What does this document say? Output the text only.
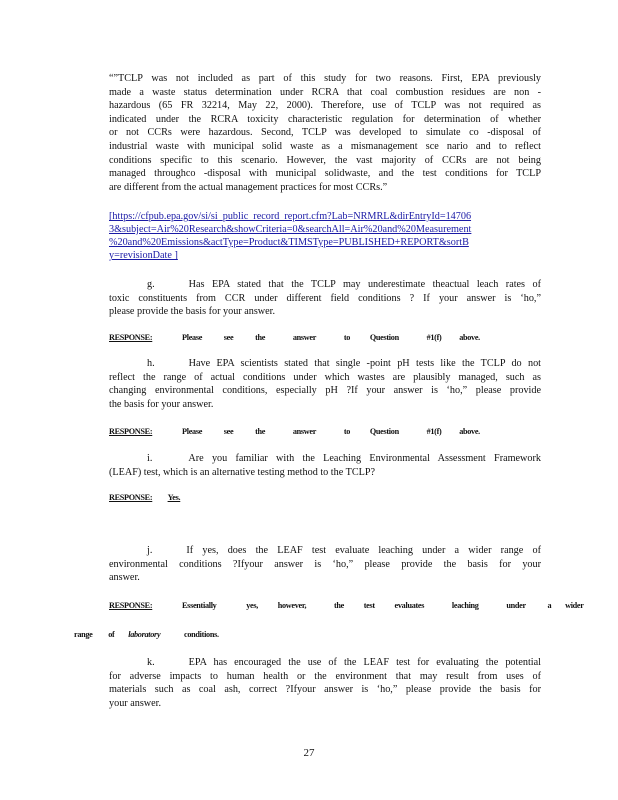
“”TCLP was not included as part of this study for two reasons. First, EPA previously
made a waste status determination under RCRA that coal combustion residues are non -
hazardous (65 FR 32214, May 22, 2000). Therefore, use of TCLP was not required as
indicated under the RCRA toxicity characteristic regulation for determination of whether
or not CCRs were hazardous. Second, TCLP was developed to simulate co -disposal of
industrial waste with municipal solid waste as a mismanagement sce nario and to reflect
conditions specific to this scenario. However, the vast majority of CCRs are not being
managed throughco -disposal with municipal solidwaste, and the test conditions for TCLP
are different from the actual management practices for most CCRs.”
[https://cfpub.epa.gov/si/si_public_record_report.cfm?Lab=NRMRL&dirEntryId=14706
3&subject=Air%20Research&showCriteria=0&searchAll=Air%20and%20Measurement
%20and%20Emissions&actType=Product&TIMSType=PUBLISHED+REPORT&sortB
y=revisionDate ]
g.	Has EPA stated that the TCLP may underestimate theactual leach rates of
toxic constituents from CCR under different field conditions ? If your answer is ‘ho,”
please provide the basis for your answer.
RESPONSE:	Please	see	the	answer	to Question	#1(f) above.
h.	Have EPA scientists stated that single -point pH tests like the TCLP do not
reflect the range of actual conditions under which wastes are plausibly managed, such as
changing environmental conditions, especially pH ?If your answer is ‘ho,” please provide
the basis for your answer.
RESPONSE:	Please	see	the	answer	to Question	#1(f) above.
i.	Are you familiar with the Leaching Environmental Assessment Framework
(LEAF) test, which is an alternative testing method to the TCLP?
RESPONSE: Yes.
j.	If yes, does the LEAF test evaluate leaching under a wider range of
environmental conditions ?Ifyour answer is ‘ho,” please provide the basis for your
answer.
RESPONSE:	Essentially	yes, however,	the test evaluates	leaching	under	a wider
range of laboratory	conditions.
k.	EPA has encouraged the use of the LEAF test for evaluating the potential
for adverse impacts to human health or the environment that may result from uses of
materials such as coal ash, correct ?Ifyour answer is ‘ho,” please provide the basis for
your answer.
27
